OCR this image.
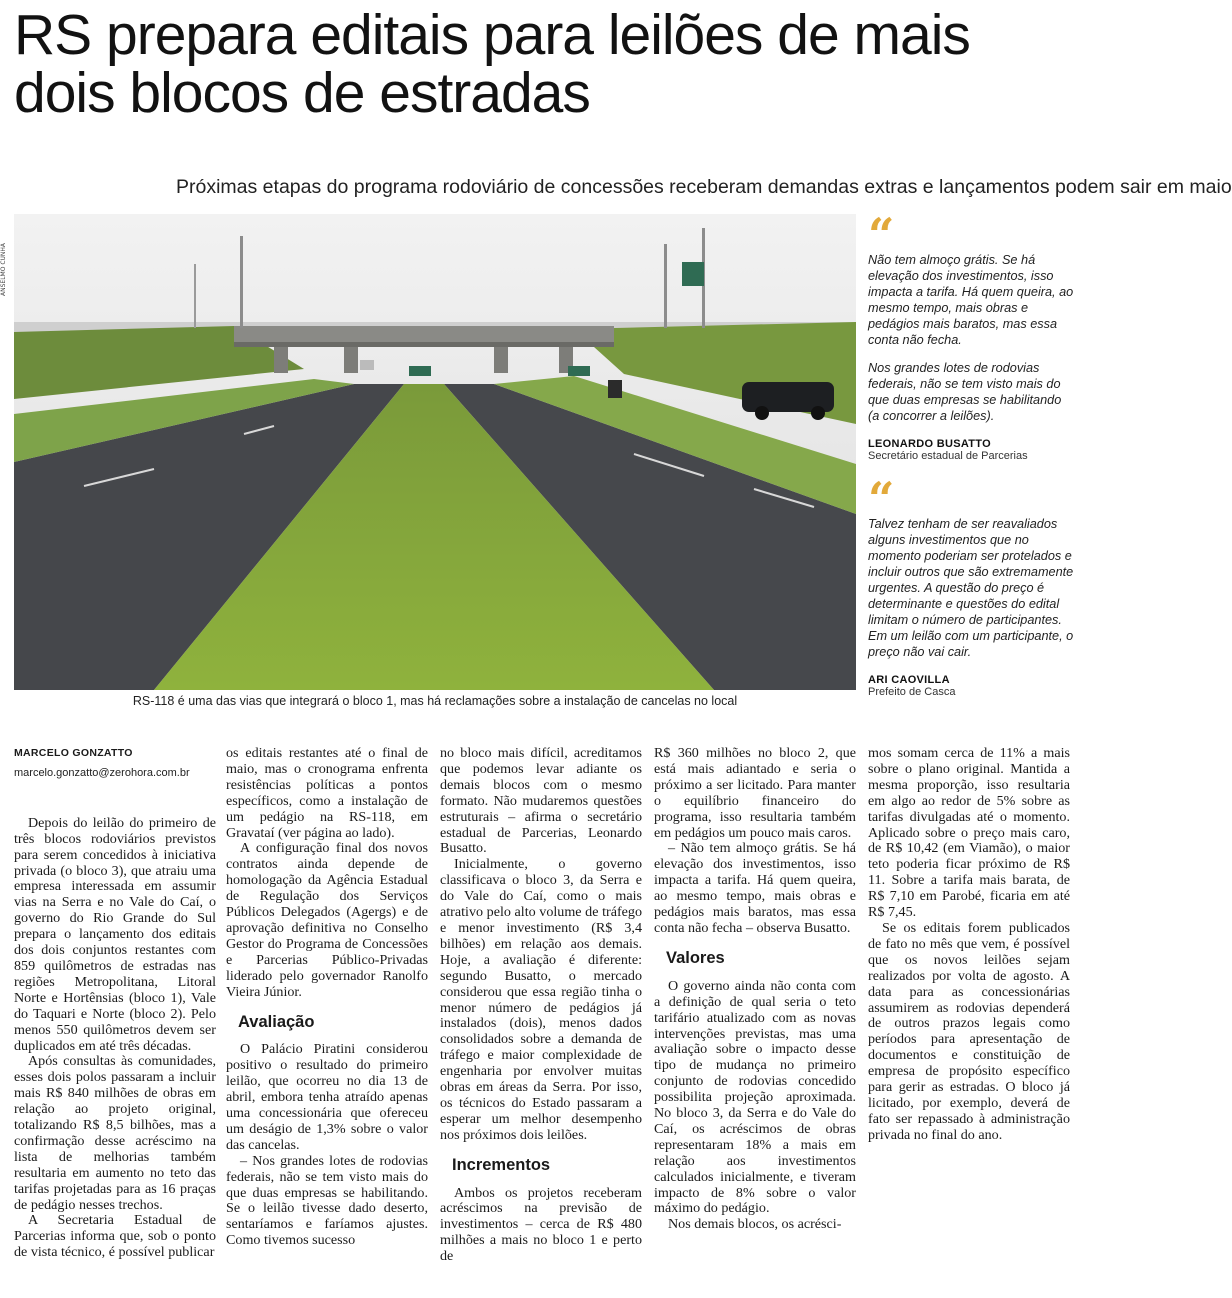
RS prepara editais para leilões de mais dois blocos de estradas
Próximas etapas do programa rodoviário de concessões receberam demandas extras e lançamentos podem sair em maio
ANSELMO CUNHA
RS-118 é uma das vias que integrará o bloco 1, mas há reclamações sobre a instalação de cancelas no local
“

Não tem almoço grátis. Se há elevação dos investimentos, isso impacta a tarifa. Há quem queira, ao mesmo tempo, mais obras e pedágios mais baratos, mas essa conta não fecha.

Nos grandes lotes de rodovias federais, não se tem visto mais do que duas empresas se habilitando (a concorrer a leilões).

LEONARDO BUSATTO
Secretário estadual de Parcerias
“

Talvez tenham de ser reavaliados alguns investimentos que no momento poderiam ser protelados e incluir outros que são extremamente urgentes. A questão do preço é determinante e questões do edital limitam o número de participantes. Em um leilão com um participante, o preço não vai cair.

ARI CAOVILLA
Prefeito de Casca
MARCELO GONZATTO
marcelo.gonzatto@zerohora.com.br

Depois do leilão do primeiro de três blocos rodoviários previstos para serem concedidos à iniciativa privada (o bloco 3), que atraiu uma empresa interessada em assumir vias na Serra e no Vale do Caí, o governo do Rio Grande do Sul prepara o lançamento dos editais dos dois conjuntos restantes com 859 quilômetros de estradas nas regiões Metropolitana, Litoral Norte e Hortênsias (bloco 1), Vale do Taquari e Norte (bloco 2). Pelo menos 550 quilômetros devem ser duplicados em até três décadas.

Após consultas às comunidades, esses dois polos passaram a incluir mais R$ 840 milhões de obras em relação ao projeto original, totalizando R$ 8,5 bilhões, mas a confirmação desse acréscimo na lista de melhorias também resultaria em aumento no teto das tarifas projetadas para as 16 praças de pedágio nesses trechos.

A Secretaria Estadual de Parcerias informa que, sob o ponto de vista técnico, é possível publicar

os editais restantes até o final de maio, mas o cronograma enfrenta resistências políticas a pontos específicos, como a instalação de um pedágio na RS-118, em Gravataí (ver página ao lado).

A configuração final dos novos contratos ainda depende de homologação da Agência Estadual de Regulação dos Serviços Públicos Delegados (Agergs) e de aprovação definitiva no Conselho Gestor do Programa de Concessões e Parcerias Público-Privadas liderado pelo governador Ranolfo Vieira Júnior.

Avaliação

O Palácio Piratini considerou positivo o resultado do primeiro leilão, que ocorreu no dia 13 de abril, embora tenha atraído apenas uma concessionária que ofereceu um deságio de 1,3% sobre o valor das cancelas.

– Nos grandes lotes de rodovias federais, não se tem visto mais do que duas empresas se habilitando. Se o leilão tivesse dado deserto, sentaríamos e faríamos ajustes. Como tivemos sucesso

no bloco mais difícil, acreditamos que podemos levar adiante os demais blocos com o mesmo formato. Não mudaremos questões estruturais – afirma o secretário estadual de Parcerias, Leonardo Busatto.

Inicialmente, o governo classificava o bloco 3, da Serra e do Vale do Caí, como o mais atrativo pelo alto volume de tráfego e menor investimento (R$ 3,4 bilhões) em relação aos demais. Hoje, a avaliação é diferente: segundo Busatto, o mercado considerou que essa região tinha o menor número de pedágios já instalados (dois), menos dados consolidados sobre a demanda de tráfego e maior complexidade de engenharia por envolver muitas obras em áreas da Serra. Por isso, os técnicos do Estado passaram a esperar um melhor desempenho nos próximos dois leilões.

Incrementos

Ambos os projetos receberam acréscimos na previsão de investimentos – cerca de R$ 480 milhões a mais no bloco 1 e perto de

R$ 360 milhões no bloco 2, que está mais adiantado e seria o próximo a ser licitado. Para manter o equilíbrio financeiro do programa, isso resultaria também em pedágios um pouco mais caros.

– Não tem almoço grátis. Se há elevação dos investimentos, isso impacta a tarifa. Há quem queira, ao mesmo tempo, mais obras e pedágios mais baratos, mas essa conta não fecha – observa Busatto.

Valores

O governo ainda não conta com a definição de qual seria o teto tarifário atualizado com as novas intervenções previstas, mas uma avaliação sobre o impacto desse tipo de mudança no primeiro conjunto de rodovias concedido possibilita projeção aproximada. No bloco 3, da Serra e do Vale do Caí, os acréscimos de obras representaram 18% a mais em relação aos investimentos calculados inicialmente, e tiveram impacto de 8% sobre o valor máximo do pedágio.

Nos demais blocos, os acrésci-

mos somam cerca de 11% a mais sobre o plano original. Mantida a mesma proporção, isso resultaria em algo ao redor de 5% sobre as tarifas divulgadas até o momento. Aplicado sobre o preço mais caro, de R$ 10,42 (em Viamão), o maior teto poderia ficar próximo de R$ 11. Sobre a tarifa mais barata, de R$ 7,10 em Parobé, ficaria em até R$ 7,45.

Se os editais forem publicados de fato no mês que vem, é possível que os novos leilões sejam realizados por volta de agosto. A data para as concessionárias assumirem as rodovias dependerá de outros prazos legais como períodos para apresentação de documentos e constituição de empresa de propósito específico para gerir as estradas. O bloco já licitado, por exemplo, deverá de fato ser repassado à administração privada no final do ano.
